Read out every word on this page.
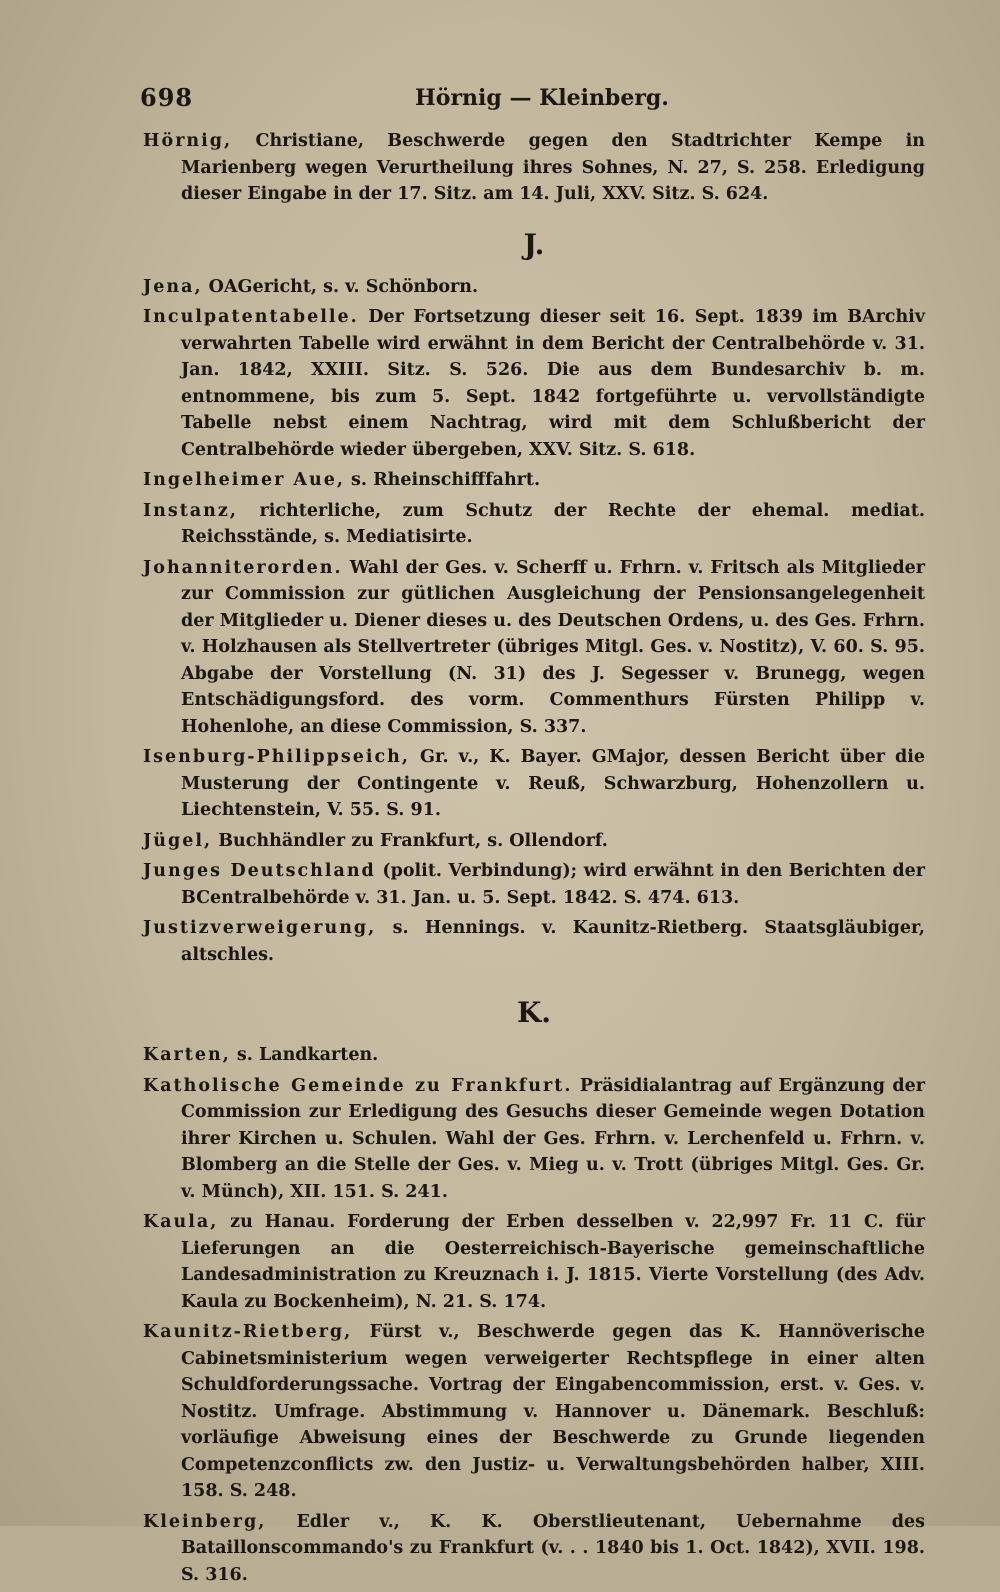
698	Hörnig — Kleinberg.

Hörnig, Christiane, Beschwerde gegen den Stadtrichter Kempe in Marienberg wegen Verurtheilung ihres Sohnes, N. 27, S. 258. Erledigung dieser Eingabe in der 17. Sitz. am 14. Juli, XXV. Sitz. S. 624.

J.

Jena, OAGericht, s. v. Schönborn.

Inculpatentabelle. Der Fortsetzung dieser seit 16. Sept. 1839 im BArchiv verwahrten Tabelle wird erwähnt in dem Bericht der Centralbehörde v. 31. Jan. 1842, XXIII. Sitz. S. 526. Die aus dem Bundesarchiv b. m. entnommene, bis zum 5. Sept. 1842 fortgeführte u. vervollständigte Tabelle nebst einem Nachtrag, wird mit dem Schlußbericht der Centralbehörde wieder übergeben, XXV. Sitz. S. 618.

Ingelheimer Aue, s. Rheinschifffahrt.

Instanz, richterliche, zum Schutz der Rechte der ehemal. mediat. Reichsstände, s. Mediatisirte.

Johanniterorden. Wahl der Ges. v. Scherff u. Frhrn. v. Fritsch als Mitglieder zur Commission zur gütlichen Ausgleichung der Pensionsangelegenheit der Mitglieder u. Diener dieses u. des Deutschen Ordens, u. des Ges. Frhrn. v. Holzhausen als Stellvertreter (übriges Mitgl. Ges. v. Nostitz), V. 60. S. 95. Abgabe der Vorstellung (N. 31) des J. Segesser v. Brunegg, wegen Entschädigungsford. des vorm. Commenthurs Fürsten Philipp v. Hohenlohe, an diese Commission, S. 337.

Isenburg-Philippseich, Gr. v., K. Bayer. GMajor, dessen Bericht über die Musterung der Contingente v. Reuß, Schwarzburg, Hohenzollern u. Liechtenstein, V. 55. S. 91.

Jügel, Buchhändler zu Frankfurt, s. Ollendorf.

Junges Deutschland (polit. Verbindung); wird erwähnt in den Berichten der BCentralbehörde v. 31. Jan. u. 5. Sept. 1842. S. 474. 613.

Justizverweigerung, s. Hennings. v. Kaunitz-Rietberg. Staatsgläubiger, altschles.

K.

Karten, s. Landkarten.

Katholische Gemeinde zu Frankfurt. Präsidialantrag auf Ergänzung der Commission zur Erledigung des Gesuchs dieser Gemeinde wegen Dotation ihrer Kirchen u. Schulen. Wahl der Ges. Frhrn. v. Lerchenfeld u. Frhrn. v. Blomberg an die Stelle der Ges. v. Mieg u. v. Trott (übriges Mitgl. Ges. Gr. v. Münch), XII. 151. S. 241.

Kaula, zu Hanau. Forderung der Erben desselben v. 22,997 Fr. 11 C. für Lieferungen an die Oesterreichisch-Bayerische gemeinschaftliche Landesadministration zu Kreuznach i. J. 1815. Vierte Vorstellung (des Adv. Kaula zu Bockenheim), N. 21. S. 174.

Kaunitz-Rietberg, Fürst v., Beschwerde gegen das K. Hannöverische Cabinetsministerium wegen verweigerter Rechtspflege in einer alten Schuldforderungssache. Vortrag der Eingabencommission, erst. v. Ges. v. Nostitz. Umfrage. Abstimmung v. Hannover u. Dänemark. Beschluß: vorläufige Abweisung eines der Beschwerde zu Grunde liegenden Competenzconflicts zw. den Justiz- u. Verwaltungsbehörden halber, XIII. 158. S. 248.

Kleinberg, Edler v., K. K. Oberstlieutenant, Uebernahme des Bataillonscommando's zu Frankfurt (v. . . 1840 bis 1. Oct. 1842), XVII. 198. S. 316.
